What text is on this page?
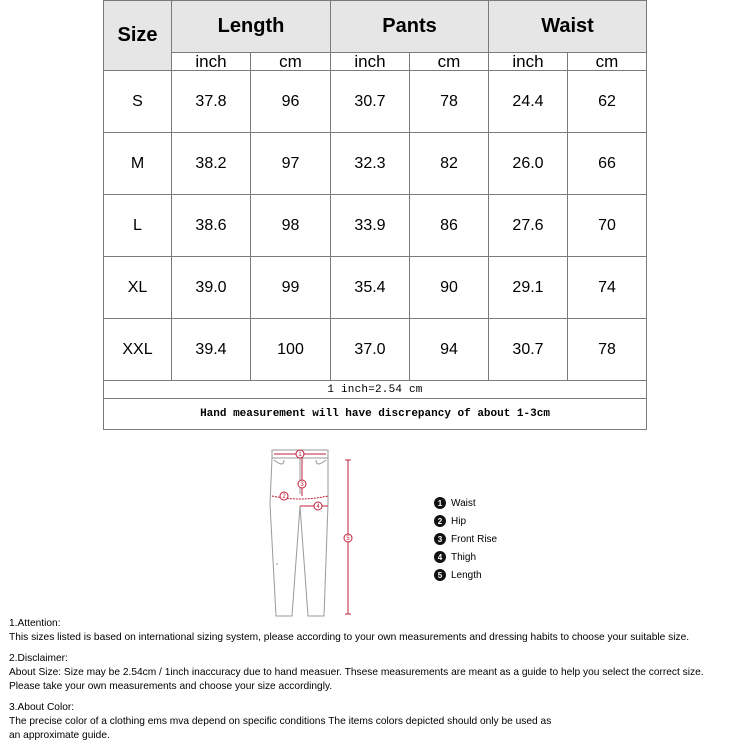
Size	Length		Pants		Waist	
	inch	cm	inch	cm	inch	cm
S	37.8	96	30.7	78	24.4	62
M	38.2	97	32.3	82	26.0	66
L	38.6	98	33.9	86	27.6	70
XL	39.0	99	35.4	90	29.1	74
XXL	39.4	100	37.0	94	30.7	78
1 inch=2.54 cm						
Hand measurement will have discrepancy of about 1-3cm						
1
2
3
4
5
1 Waist
2 Hip
3 Front Rise
4 Thigh
5 Length

1.Attention:

This sizes listed is based on international sizing system, please according to your own measurements and dressing habits to choose your suitable size.

2.Disclaimer:

About Size: Size may be 2.54cm / 1inch inaccuracy due to hand measuer. Thsese measurements are meant as a guide to help you select the correct size.

Please take your own measurements and choose your size accordingly.

3.About Color:

The precise color of a clothing ems mva depend on specific conditions The items colors depicted should only be used as

an approximate guide.
